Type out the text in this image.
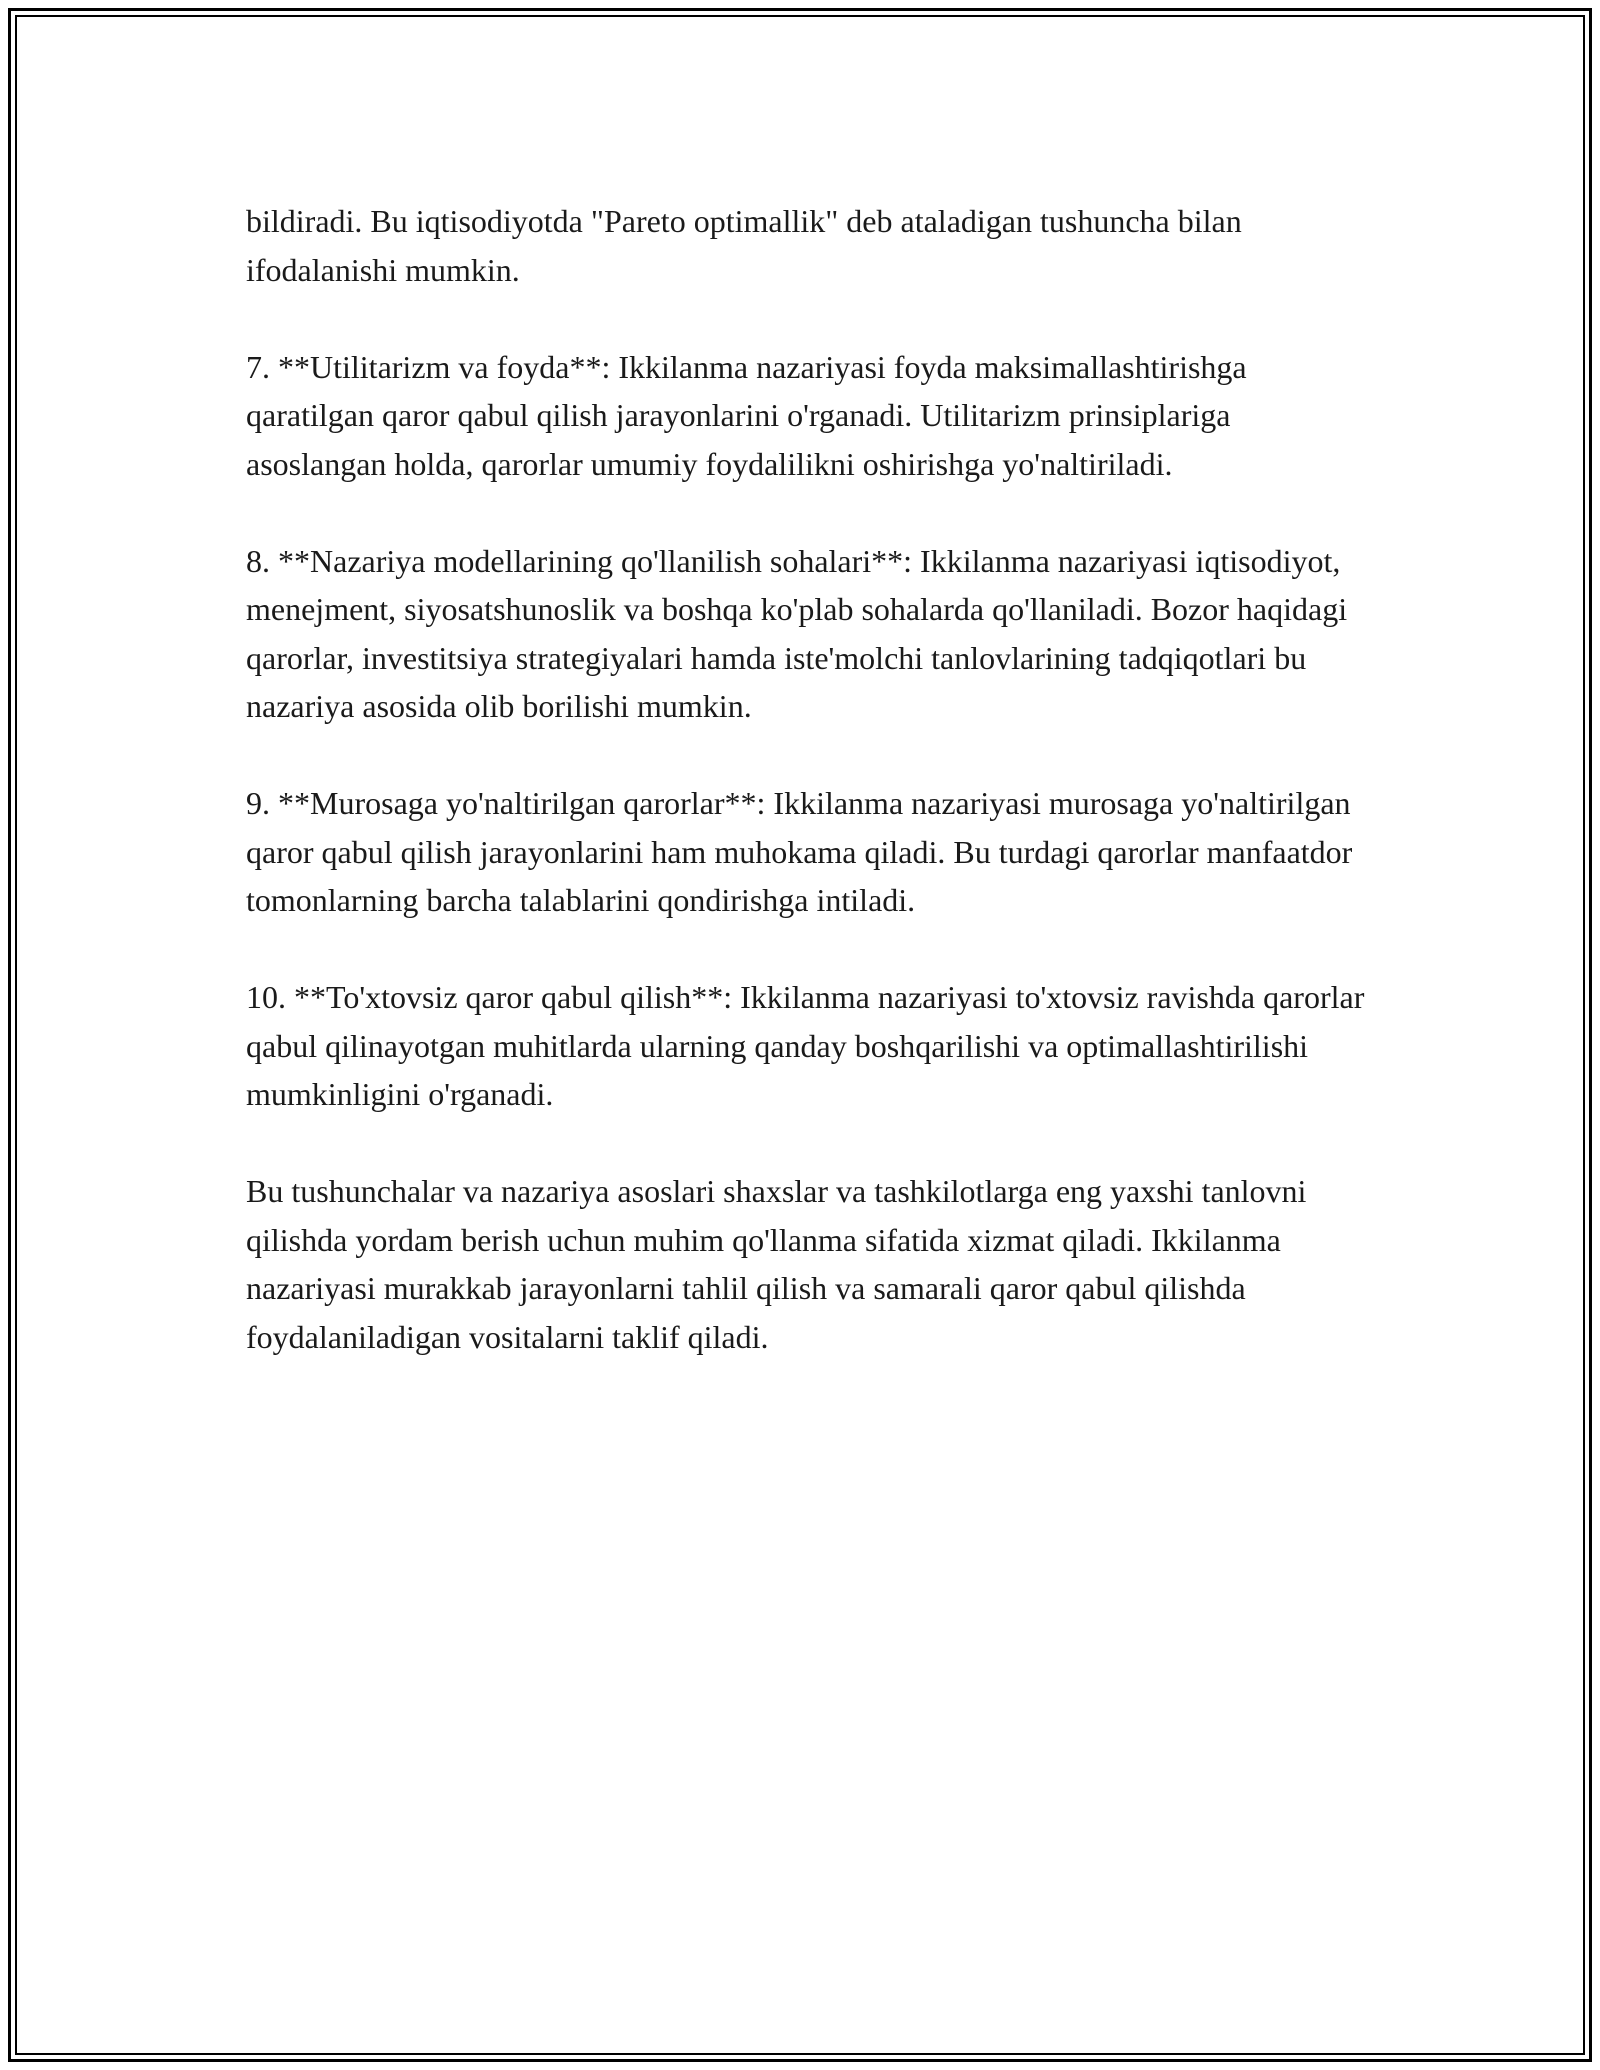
bildiradi. Bu iqtisodiyotda "Pareto optimallik" deb ataladigan tushuncha bilan ifodalanishi mumkin.

7. **Utilitarizm va foyda**: Ikkilanma nazariyasi foyda maksimallashtirishga qaratilgan qaror qabul qilish jarayonlarini o'rganadi. Utilitarizm prinsiplariga asoslangan holda, qarorlar umumiy foydalilikni oshirishga yo'naltiriladi.

8. **Nazariya modellarining qo'llanilish sohalari**: Ikkilanma nazariyasi iqtisodiyot, menejment, siyosatshunoslik va boshqa ko'plab sohalarda qo'llaniladi. Bozor haqidagi qarorlar, investitsiya strategiyalari hamda iste'molchi tanlovlarining tadqiqotlari bu nazariya asosida olib borilishi mumkin.

9. **Murosaga yo'naltirilgan qarorlar**: Ikkilanma nazariyasi murosaga yo'naltirilgan qaror qabul qilish jarayonlarini ham muhokama qiladi. Bu turdagi qarorlar manfaatdor tomonlarning barcha talablarini qondirishga intiladi.

10. **To'xtovsiz qaror qabul qilish**: Ikkilanma nazariyasi to'xtovsiz ravishda qarorlar qabul qilinayotgan muhitlarda ularning qanday boshqarilishi va optimallashtirilishi mumkinligini o'rganadi.

Bu tushunchalar va nazariya asoslari shaxslar va tashkilotlarga eng yaxshi tanlovni qilishda yordam berish uchun muhim qo'llanma sifatida xizmat qiladi. Ikkilanma nazariyasi murakkab jarayonlarni tahlil qilish va samarali qaror qabul qilishda foydalaniladigan vositalarni taklif qiladi.
